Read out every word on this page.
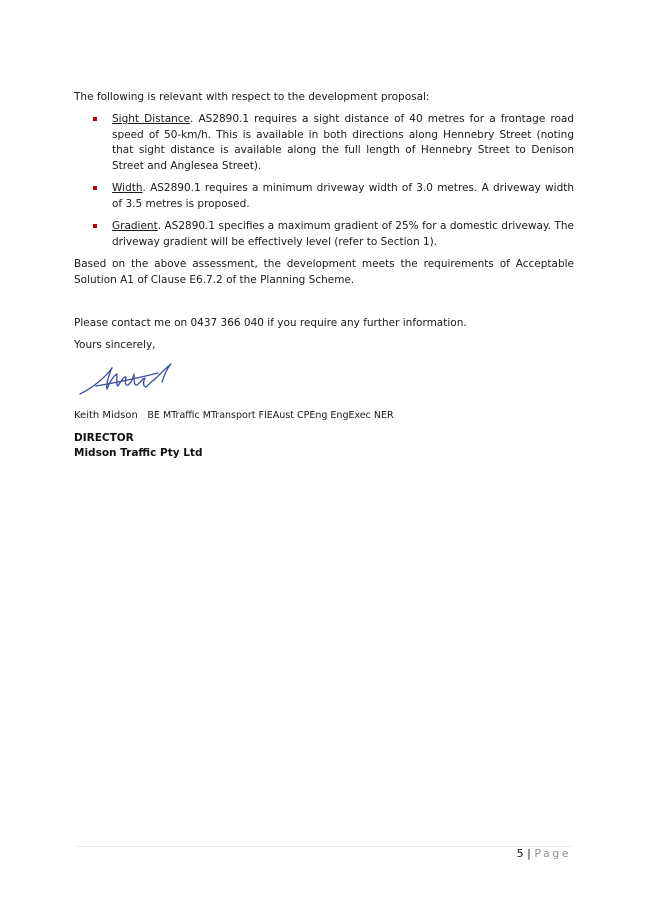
The following is relevant with respect to the development proposal:
Sight Distance. AS2890.1 requires a sight distance of 40 metres for a frontage road speed of 50-km/h. This is available in both directions along Hennebry Street (noting that sight distance is available along the full length of Hennebry Street to Denison Street and Anglesea Street).
Width. AS2890.1 requires a minimum driveway width of 3.0 metres. A driveway width of 3.5 metres is proposed.
Gradient. AS2890.1 specifies a maximum gradient of 25% for a domestic driveway. The driveway gradient will be effectively level (refer to Section 1).
Based on the above assessment, the development meets the requirements of Acceptable Solution A1 of Clause E6.7.2 of the Planning Scheme.
Please contact me on 0437 366 040 if you require any further information.
Yours sincerely,
Keith Midson BE MTraffic MTransport FIEAust CPEng EngExec NER
DIRECTOR
Midson Traffic Pty Ltd
5 | Page
